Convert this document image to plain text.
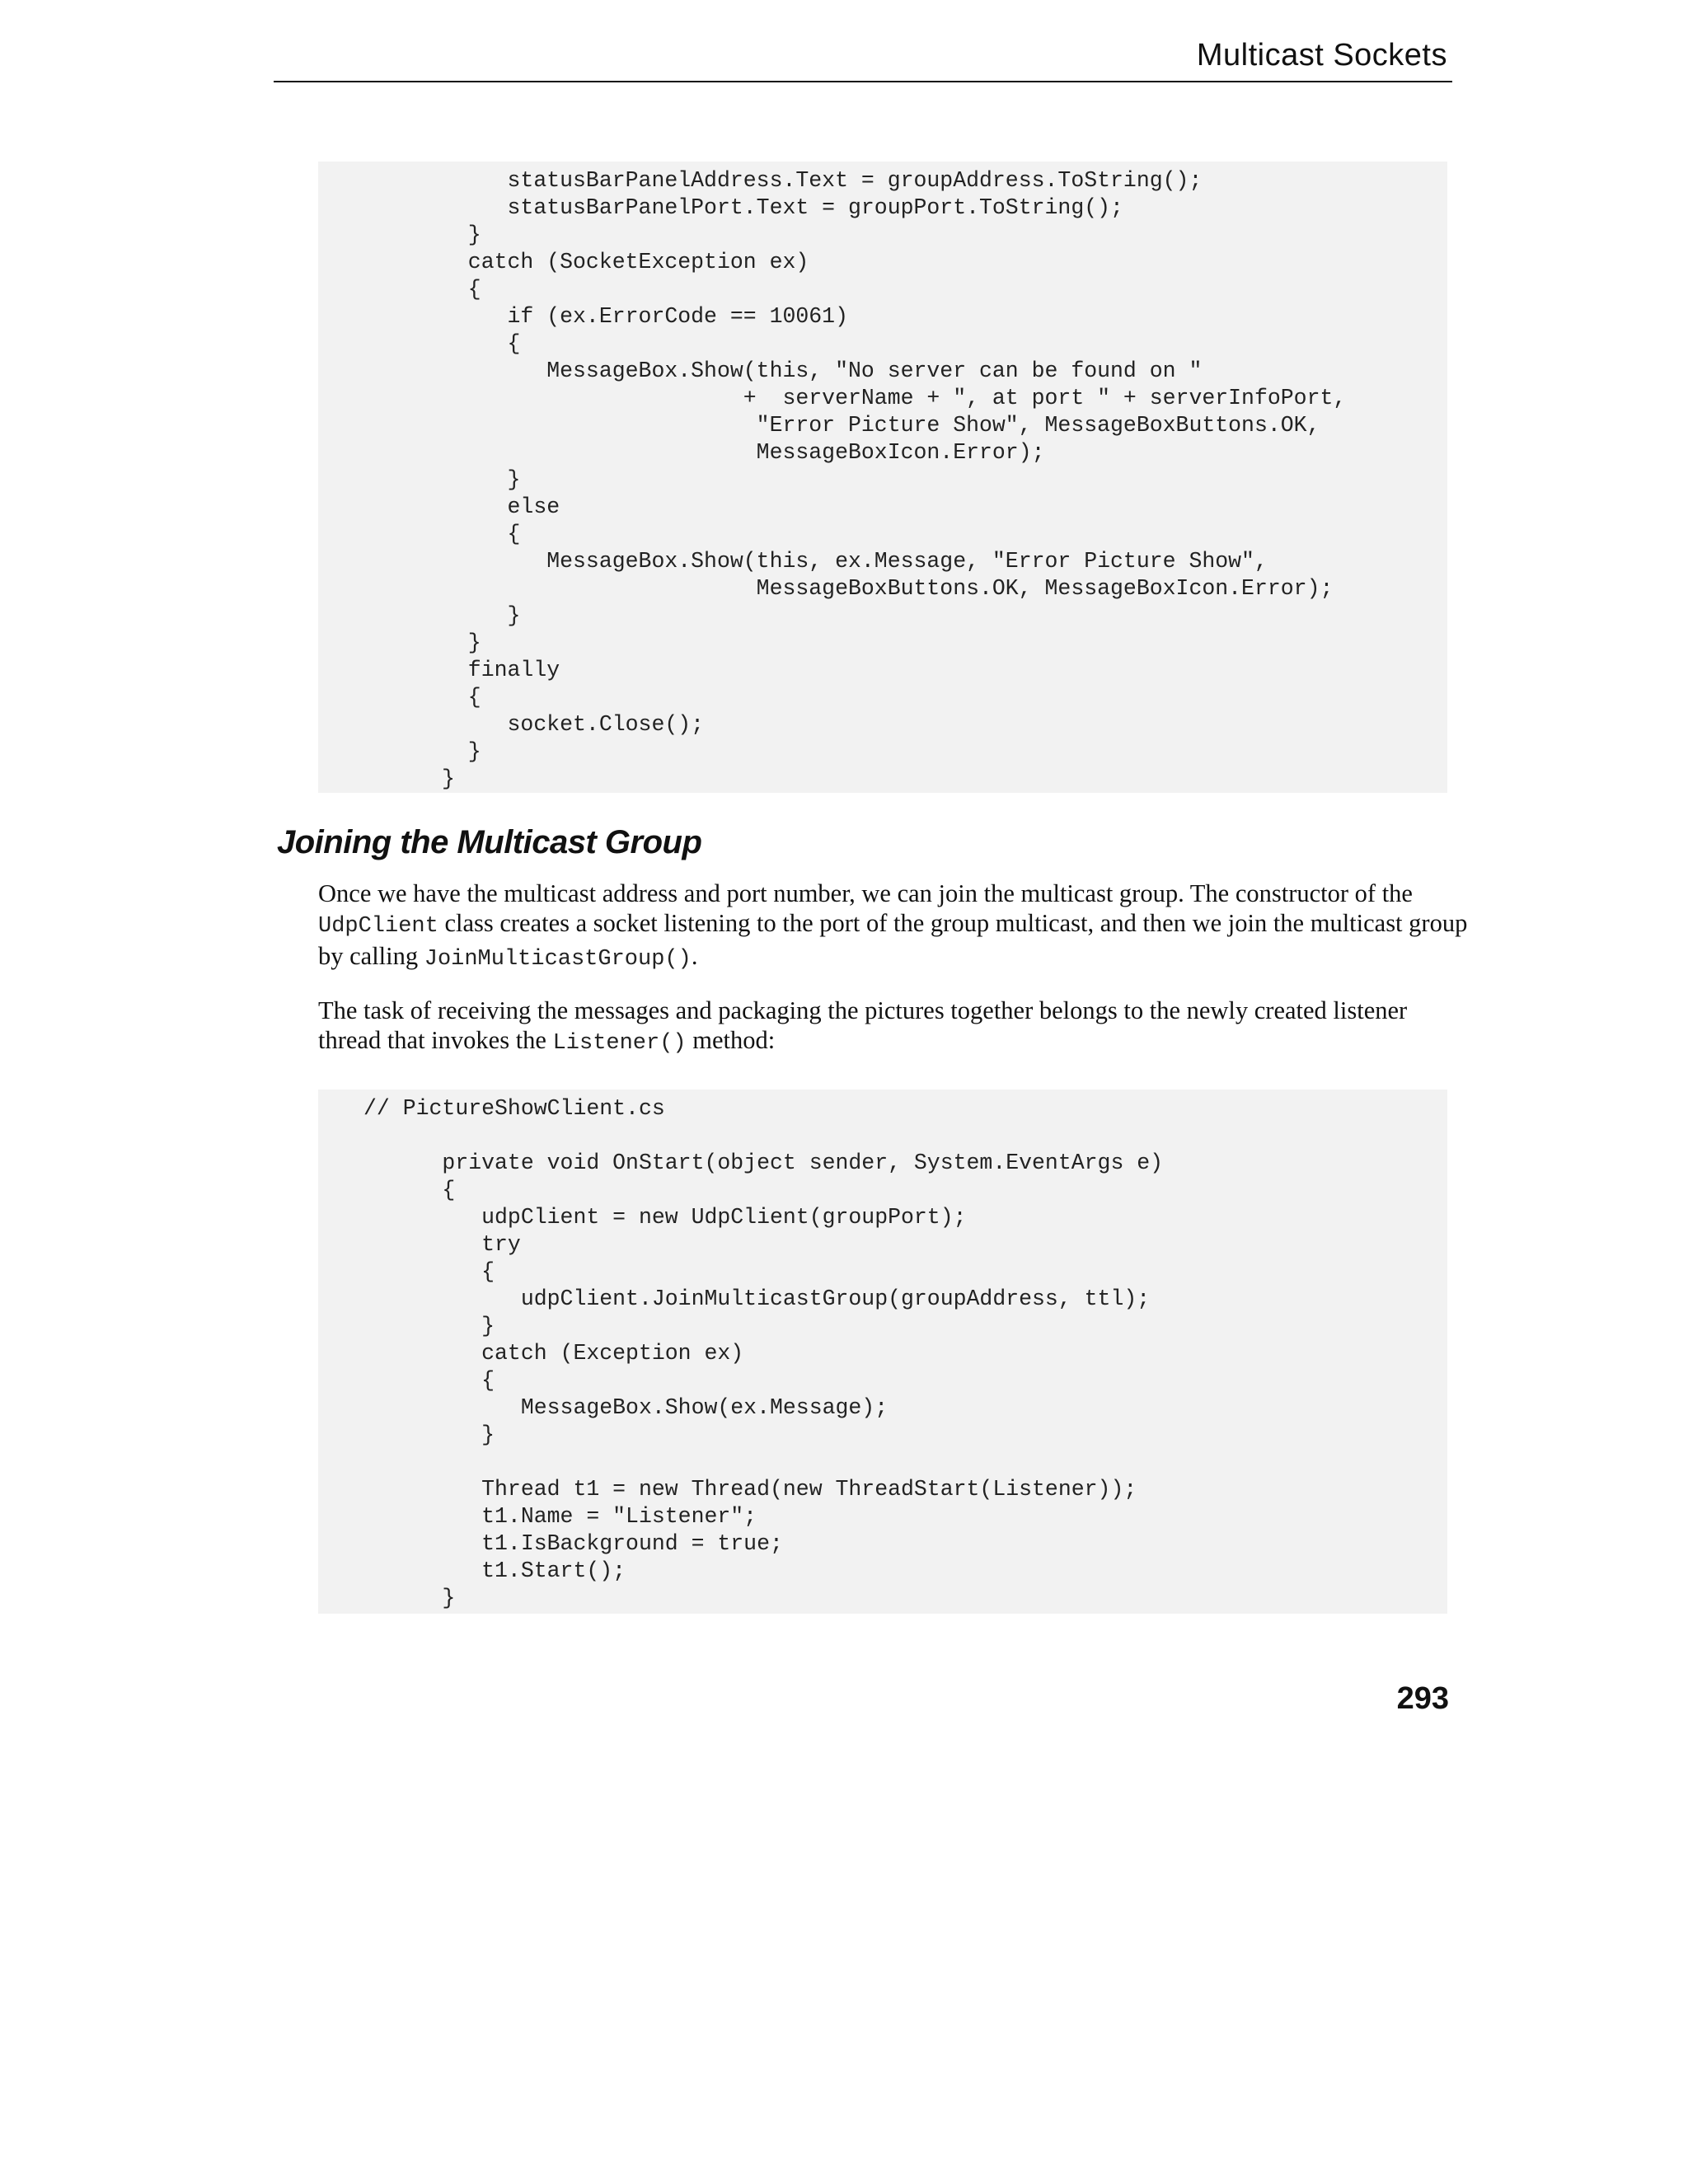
Multicast Sockets
statusBarPanelAddress.Text = groupAddress.ToString();
statusBarPanelPort.Text = groupPort.ToString();
}
catch (SocketException ex)
{
if (ex.ErrorCode == 10061)
{
MessageBox.Show(this, "No server can be found on "
+  serverName + ", at port " + serverInfoPort,
"Error Picture Show", MessageBoxButtons.OK,
MessageBoxIcon.Error);
}
else
{
MessageBox.Show(this, ex.Message, "Error Picture Show",
MessageBoxButtons.OK, MessageBoxIcon.Error);
}
}
finally
{
socket.Close();
}
}
Joining the Multicast Group

Once we have the multicast address and port number, we can join the multicast group. The constructor of the UdpClient class creates a socket listening to the port of the group multicast, and then we join the multicast group by calling JoinMulticastGroup().

The task of receiving the messages and packaging the pictures together belongs to the newly created listener thread that invokes the Listener() method:

// PictureShowClient.cs

private void OnStart(object sender, System.EventArgs e)
{
udpClient = new UdpClient(groupPort);
try
{
udpClient.JoinMulticastGroup(groupAddress, ttl);
}
catch (Exception ex)
{
MessageBox.Show(ex.Message);
}

Thread t1 = new Thread(new ThreadStart(Listener));
t1.Name = "Listener";
t1.IsBackground = true;
t1.Start();
}
293
